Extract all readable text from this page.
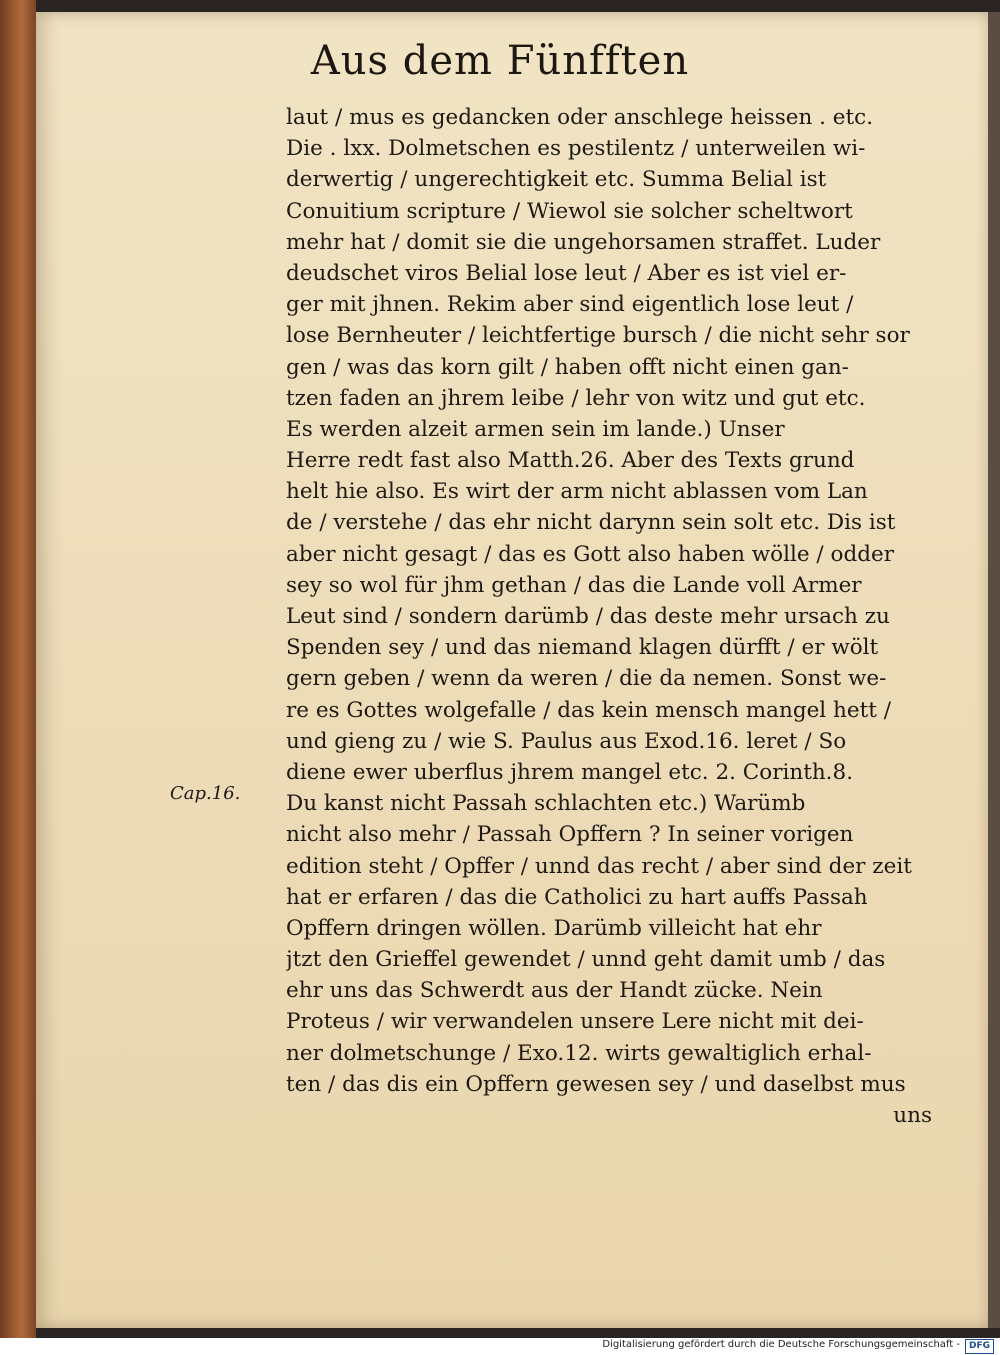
Aus dem Fünfften
Cap.16.
laut / mus es gedancken oder anschlege heissen . etc.
Die . lxx. Dolmetschen es pestilentz / unterweilen wi-
derwertig / ungerechtigkeit etc. Summa Belial ist
Conuitium scripture / Wiewol sie solcher scheltwort
mehr hat / domit sie die ungehorsamen straffet. Luder
deudschet viros Belial lose leut / Aber es ist viel er-
ger mit jhnen. Rekim aber sind eigentlich lose leut /
lose Bernheuter / leichtfertige bursch / die nicht sehr sor
gen / was das korn gilt / haben offt nicht einen gan-
tzen faden an jhrem leibe / lehr von witz und gut etc.
Es werden alzeit armen sein im lande.) Unser
Herre redt fast also Matth.26. Aber des Texts grund
helt hie also. Es wirt der arm nicht ablassen vom Lan
de / verstehe / das ehr nicht darynn sein solt etc. Dis ist
aber nicht gesagt / das es Gott also haben wölle / odder
sey so wol für jhm gethan / das die Lande voll Armer
Leut sind / sondern darümb / das deste mehr ursach zu
Spenden sey / und das niemand klagen dürfft / er wölt
gern geben / wenn da weren / die da nemen. Sonst we-
re es Gottes wolgefalle / das kein mensch mangel hett /
und gieng zu / wie S. Paulus aus Exod.16. leret / So
diene ewer uberflus jhrem mangel etc. 2. Corinth.8.
Du kanst nicht Passah schlachten etc.) Warümb
nicht also mehr / Passah Opffern ? In seiner vorigen
edition steht / Opffer / unnd das recht / aber sind der zeit
hat er erfaren / das die Catholici zu hart auffs Passah
Opffern dringen wöllen. Darümb villeicht hat ehr
jtzt den Grieffel gewendet / unnd geht damit umb / das
ehr uns das Schwerdt aus der Handt zücke. Nein
Proteus / wir verwandelen unsere Lere nicht mit dei-
ner dolmetschunge / Exo.12. wirts gewaltiglich erhal-
ten / das dis ein Opffern gewesen sey / und daselbst mus
uns
Digitalisierung gefördert durch die Deutsche Forschungsgemeinschaft - DFG
